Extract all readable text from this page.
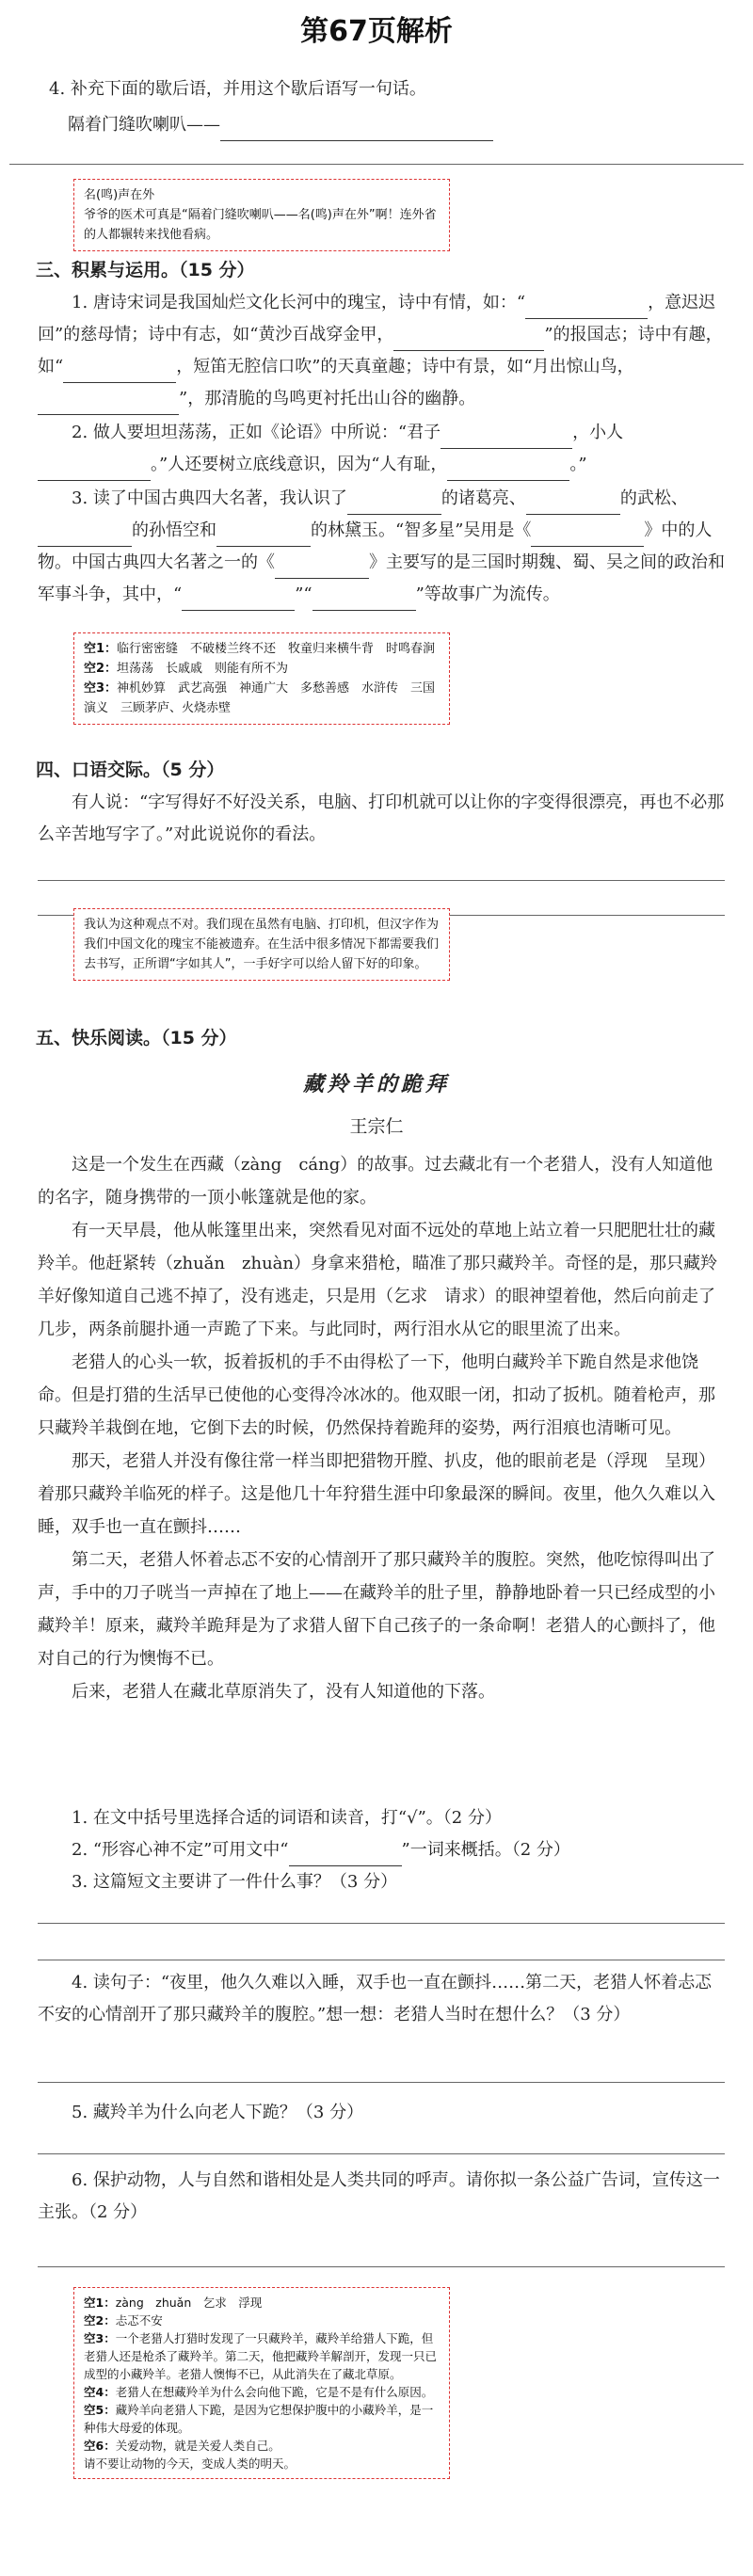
第67页解析

4. 补充下面的歇后语，并用这个歇后语写一句话。

隔着门缝吹喇叭——

名(鸣)声在外
爷爷的医术可真是“隔着门缝吹喇叭——名(鸣)声在外”啊！连外省的人都辗转来找他看病。
三、积累与运用。（15 分）

1. 唐诗宋词是我国灿烂文化长河中的瑰宝，诗中有情，如：“	，意迟迟回”的慈母情；诗中有志，如“黄沙百战穿金甲，	”的报国志；诗中有趣，如“	，短笛无腔信口吹”的天真童趣；诗中有景，如“月出惊山鸟，”，那清脆的鸟鸣更衬托出山谷的幽静。

2. 做人要坦坦荡荡，正如《论语》中所说：“君子	，小人。”人还要树立底线意识，因为“人有耻，	。”

3. 读了中国古典四大名著，我认识了	的诸葛亮、	的武松、的孙悟空和	的林黛玉。“智多星”吴用是《	》中的人物。中国古典四大名著之一的《	》主要写的是三国时期魏、蜀、吴之间的政治和军事斗争，其中，“	”“	”等故事广为流传。

空1：临行密密缝　不破楼兰终不还　牧童归来横牛背　时鸣春涧
空2：坦荡荡　长戚戚　则能有所不为
空3：神机妙算　武艺高强　神通广大　多愁善感　水浒传　三国演义　三顾茅庐、火烧赤壁
四、口语交际。（5 分）

有人说：“字写得好不好没关系，电脑、打印机就可以让你的字变得很漂亮，再也不必那么辛苦地写字了。”对此说说你的看法。

我认为这种观点不对。我们现在虽然有电脑、打印机，但汉字作为我们中国文化的瑰宝不能被遗弃。在生活中很多情况下都需要我们去书写，正所谓“字如其人”，一手好字可以给人留下好的印象。
五、快乐阅读。（15 分）
藏羚羊的跪拜
王宗仁

这是一个发生在西藏（zàng　cáng）的故事。过去藏北有一个老猎人，没有人知道他的名字，随身携带的一顶小帐篷就是他的家。

有一天早晨，他从帐篷里出来，突然看见对面不远处的草地上站立着一只肥肥壮壮的藏羚羊。他赶紧转（zhuǎn　zhuàn）身拿来猎枪，瞄准了那只藏羚羊。奇怪的是，那只藏羚羊好像知道自己逃不掉了，没有逃走，只是用（乞求　请求）的眼神望着他，然后向前走了几步，两条前腿扑通一声跪了下来。与此同时，两行泪水从它的眼里流了出来。

老猎人的心头一软，扳着扳机的手不由得松了一下，他明白藏羚羊下跪自然是求他饶命。但是打猎的生活早已使他的心变得冷冰冰的。他双眼一闭，扣动了扳机。随着枪声，那只藏羚羊栽倒在地，它倒下去的时候，仍然保持着跪拜的姿势，两行泪痕也清晰可见。

那天，老猎人并没有像往常一样当即把猎物开膛、扒皮，他的眼前老是（浮现　呈现）着那只藏羚羊临死的样子。这是他几十年狩猎生涯中印象最深的瞬间。夜里，他久久难以入睡，双手也一直在颤抖……

第二天，老猎人怀着忐忑不安的心情剖开了那只藏羚羊的腹腔。突然，他吃惊得叫出了声，手中的刀子咣当一声掉在了地上——在藏羚羊的肚子里，静静地卧着一只已经成型的小藏羚羊！原来，藏羚羊跪拜是为了求猎人留下自己孩子的一条命啊！老猎人的心颤抖了，他对自己的行为懊悔不已。

后来，老猎人在藏北草原消失了，没有人知道他的下落。

1. 在文中括号里选择合适的词语和读音，打“√”。（2 分）

2. “形容心神不定”可用文中“	”一词来概括。（2 分）

3. 这篇短文主要讲了一件什么事？（3 分）

4. 读句子：“夜里，他久久难以入睡，双手也一直在颤抖……第二天，老猎人怀着忐忑不安的心情剖开了那只藏羚羊的腹腔。”想一想：老猎人当时在想什么？（3 分）

5. 藏羚羊为什么向老人下跪？（3 分）

6. 保护动物，人与自然和谐相处是人类共同的呼声。请你拟一条公益广告词，宣传这一主张。（2 分）

空1：zàng　zhuǎn　乞求　浮现
空2：忐忑不安
空3：一个老猎人打猎时发现了一只藏羚羊，藏羚羊给猎人下跪，但老猎人还是枪杀了藏羚羊。第二天，他把藏羚羊解剖开，发现一只已成型的小藏羚羊。老猎人懊悔不已，从此消失在了藏北草原。
空4：老猎人在想藏羚羊为什么会向他下跪，它是不是有什么原因。
空5：藏羚羊向老猎人下跪，是因为它想保护腹中的小藏羚羊，是一种伟大母爱的体现。
空6：关爱动物，就是关爱人类自己。
请不要让动物的今天，变成人类的明天。
